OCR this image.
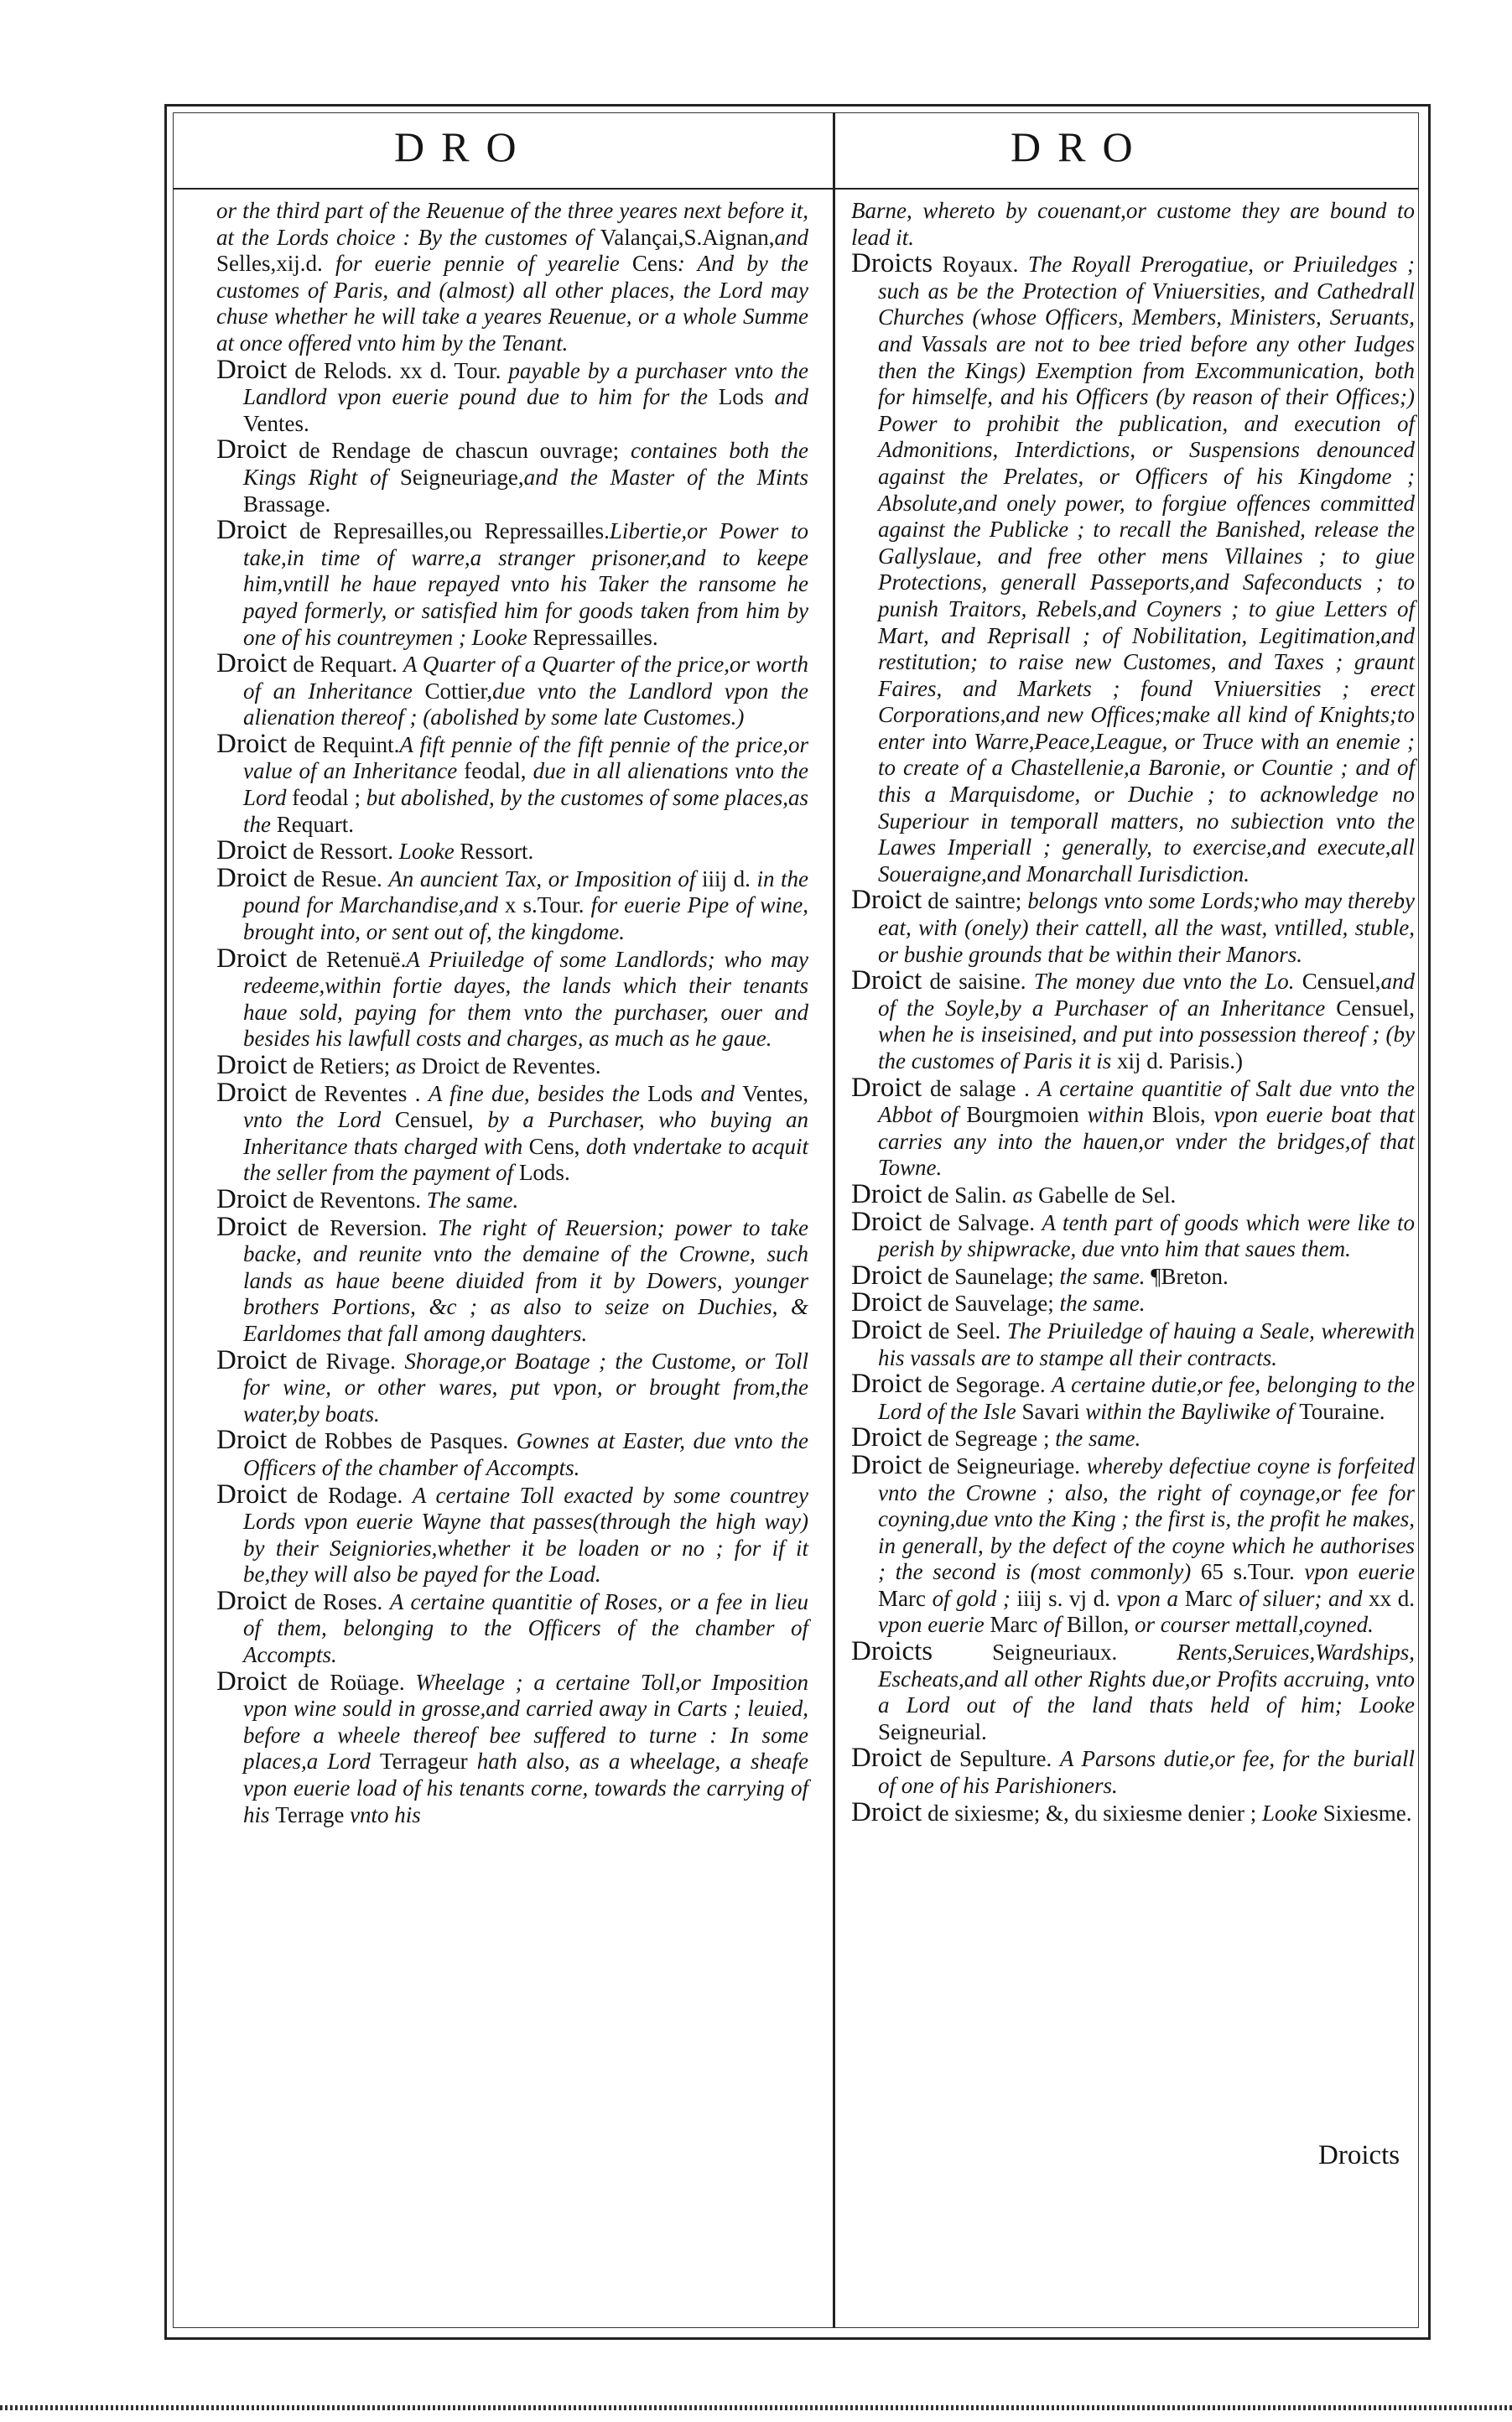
DRO	DRO

or the third part of the Reuenue of the three yeares next before it, at the Lords choice : By the customes of Valançai,S.Aignan,and Selles,xij.d. for euerie pennie of yearelie Cens: And by the customes of Paris, and (almost) all other places, the Lord may chuse whether he will take a yeares Reuenue, or a whole Summe at once offered vnto him by the Tenant.

Droict de Relods. xx d. Tour. payable by a purchaser vnto the Landlord vpon euerie pound due to him for the Lods and Ventes.

Droict de Rendage de chascun ouvrage; containes both the Kings Right of Seigneuriage,and the Master of the Mints Brassage.

Droict de Represailles,ou Repressailles.Libertie,or Power to take,in time of warre,a stranger prisoner,and to keepe him,vntill he haue repayed vnto his Taker the ransome he payed formerly, or satisfied him for goods taken from him by one of his countreymen ; Looke Repressailles.

Droict de Requart. A Quarter of a Quarter of the price,or worth of an Inheritance Cottier,due vnto the Landlord vpon the alienation thereof ; (abolished by some late Customes.)

Droict de Requint.A fift pennie of the fift pennie of the price,or value of an Inheritance feodal, due in all alienations vnto the Lord feodal ; but abolished, by the customes of some places,as the Requart.

Droict de Ressort. Looke Ressort.

Droict de Resue. An auncient Tax, or Imposition of iiij d. in the pound for Marchandise,and x s.Tour. for euerie Pipe of wine, brought into, or sent out of, the kingdome.

Droict de Retenuë.A Priuiledge of some Landlords; who may redeeme,within fortie dayes, the lands which their tenants haue sold, paying for them vnto the purchaser, ouer and besides his lawfull costs and charges, as much as he gaue.

Droict de Retiers; as Droict de Reventes.

Droict de Reventes . A fine due, besides the Lods and Ventes, vnto the Lord Censuel, by a Purchaser, who buying an Inheritance thats charged with Cens, doth vndertake to acquit the seller from the payment of Lods.

Droict de Reventons. The same.

Droict de Reversion. The right of Reuersion; power to take backe, and reunite vnto the demaine of the Crowne, such lands as haue beene diuided from it by Dowers, younger brothers Portions, &c ; as also to seize on Duchies, & Earldomes that fall among daughters.

Droict de Rivage. Shorage,or Boatage ; the Custome, or Toll for wine, or other wares, put vpon, or brought from,the water,by boats.

Droict de Robbes de Pasques. Gownes at Easter, due vnto the Officers of the chamber of Accompts.

Droict de Rodage. A certaine Toll exacted by some countrey Lords vpon euerie Wayne that passes(through the high way) by their Seigniories,whether it be loaden or no ; for if it be,they will also be payed for the Load.

Droict de Roses. A certaine quantitie of Roses, or a fee in lieu of them, belonging to the Officers of the chamber of Accompts.

Droict de Roüage. Wheelage ; a certaine Toll,or Imposition vpon wine sould in grosse,and carried away in Carts ; leuied, before a wheele thereof bee suffered to turne : In some places,a Lord Terrageur hath also, as a wheelage, a sheafe vpon euerie load of his tenants corne, towards the carrying of his Terrage vnto his

Barne, whereto by couenant,or custome they are bound to lead it.

Droicts Royaux. The Royall Prerogatiue, or Priuiledges ; such as be the Protection of Vniuersities, and Cathedrall Churches (whose Officers, Members, Ministers, Seruants, and Vassals are not to bee tried before any other Iudges then the Kings) Exemption from Excommunication, both for himselfe, and his Officers (by reason of their Offices;) Power to prohibit the publication, and execution of Admonitions, Interdictions, or Suspensions denounced against the Prelates, or Officers of his Kingdome ; Absolute,and onely power, to forgiue offences committed against the Publicke ; to recall the Banished, release the Gallyslaue, and free other mens Villaines ; to giue Protections, generall Passeports,and Safeconducts ; to punish Traitors, Rebels,and Coyners ; to giue Letters of Mart, and Reprisall ; of Nobilitation, Legitimation,and restitution; to raise new Customes, and Taxes ; graunt Faires, and Markets ; found Vniuersities ; erect Corporations,and new Offices;make all kind of Knights;to enter into Warre,Peace,League, or Truce with an enemie ; to create of a Chastellenie,a Baronie, or Countie ; and of this a Marquisdome, or Duchie ; to acknowledge no Superiour in temporall matters, no subiection vnto the Lawes Imperiall ; generally, to exercise,and execute,all Soueraigne,and Monarchall Iurisdiction.

Droict de saintre; belongs vnto some Lords;who may thereby eat, with (onely) their cattell, all the wast, vntilled, stuble, or bushie grounds that be within their Manors.

Droict de saisine. The money due vnto the Lo. Censuel,and of the Soyle,by a Purchaser of an Inheritance Censuel, when he is inseisined, and put into possession thereof ; (by the customes of Paris it is xij d. Parisis.)

Droict de salage . A certaine quantitie of Salt due vnto the Abbot of Bourgmoien within Blois, vpon euerie boat that carries any into the hauen,or vnder the bridges,of that Towne.

Droict de Salin. as Gabelle de Sel.

Droict de Salvage. A tenth part of goods which were like to perish by shipwracke, due vnto him that saues them.

Droict de Saunelage; the same. ¶Breton.

Droict de Sauvelage; the same.

Droict de Seel. The Priuiledge of hauing a Seale, wherewith his vassals are to stampe all their contracts.

Droict de Segorage. A certaine dutie,or fee, belonging to the Lord of the Isle Savari within the Bayliwike of Touraine.

Droict de Segreage ; the same.

Droict de Seigneuriage. whereby defectiue coyne is forfeited vnto the Crowne ; also, the right of coynage,or fee for coyning,due vnto the King ; the first is, the profit he makes, in generall, by the defect of the coyne which he authorises ; the second is (most commonly) 65 s.Tour. vpon euerie Marc of gold ; iiij s. vj d. vpon a Marc of siluer; and xx d. vpon euerie Marc of Billon, or courser mettall,coyned.

Droicts Seigneuriaux. Rents,Seruices,Wardships, Escheats,and all other Rights due,or Profits accruing, vnto a Lord out of the land thats held of him; Looke Seigneurial.

Droict de Sepulture. A Parsons dutie,or fee, for the buriall of one of his Parishioners.

Droict de sixiesme; &, du sixiesme denier ; Looke Sixiesme.

Droicts
